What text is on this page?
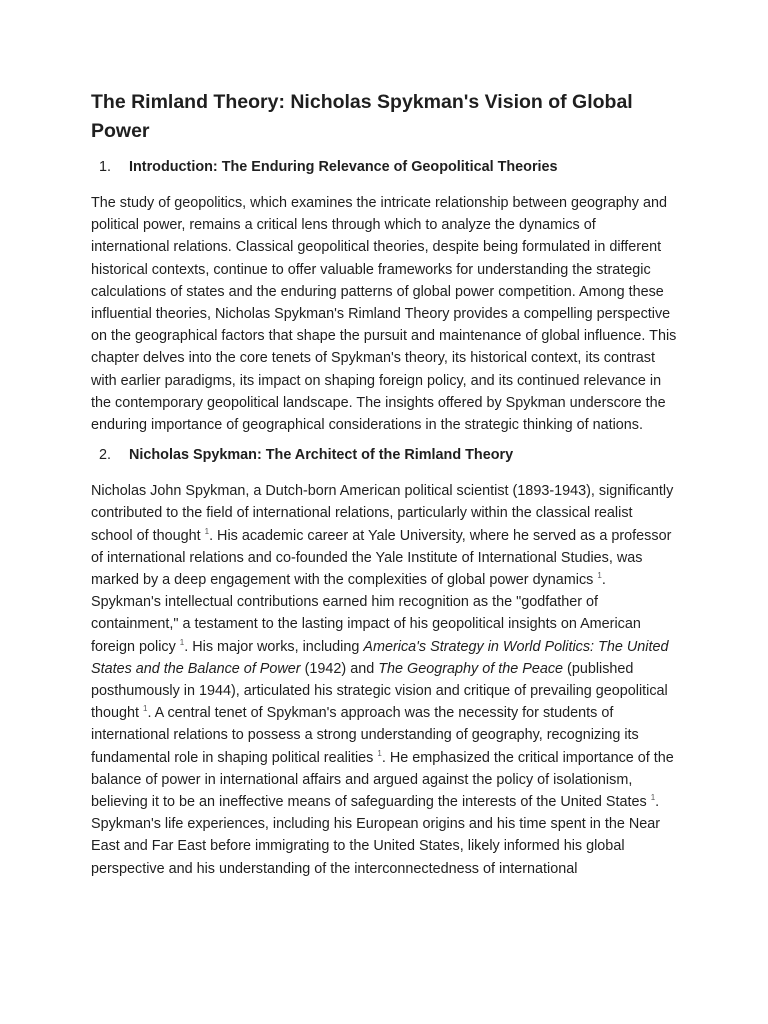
The Rimland Theory: Nicholas Spykman's Vision of Global Power
1.	Introduction: The Enduring Relevance of Geopolitical Theories

The study of geopolitics, which examines the intricate relationship between geography and political power, remains a critical lens through which to analyze the dynamics of international relations. Classical geopolitical theories, despite being formulated in different historical contexts, continue to offer valuable frameworks for understanding the strategic calculations of states and the enduring patterns of global power competition. Among these influential theories, Nicholas Spykman's Rimland Theory provides a compelling perspective on the geographical factors that shape the pursuit and maintenance of global influence. This chapter delves into the core tenets of Spykman's theory, its historical context, its contrast with earlier paradigms, its impact on shaping foreign policy, and its continued relevance in the contemporary geopolitical landscape. The insights offered by Spykman underscore the enduring importance of geographical considerations in the strategic thinking of nations.

2.	Nicholas Spykman: The Architect of the Rimland Theory

Nicholas John Spykman, a Dutch-born American political scientist (1893-1943), significantly contributed to the field of international relations, particularly within the classical realist school of thought $^1$. His academic career at Yale University, where he served as a professor of international relations and co-founded the Yale Institute of International Studies, was marked by a deep engagement with the complexities of global power dynamics $^1$. Spykman's intellectual contributions earned him recognition as the "godfather of containment," a testament to the lasting impact of his geopolitical insights on American foreign policy $^1$. His major works, including America's Strategy in World Politics: The United States and the Balance of Power (1942) and The Geography of the Peace (published posthumously in 1944), articulated his strategic vision and critique of prevailing geopolitical thought $^1$. A central tenet of Spykman's approach was the necessity for students of international relations to possess a strong understanding of geography, recognizing its fundamental role in shaping political realities $^1$. He emphasized the critical importance of the balance of power in international affairs and argued against the policy of isolationism, believing it to be an ineffective means of safeguarding the interests of the United States $^1$. Spykman's life experiences, including his European origins and his time spent in the Near East and Far East before immigrating to the United States, likely informed his global perspective and his understanding of the interconnectedness of international
